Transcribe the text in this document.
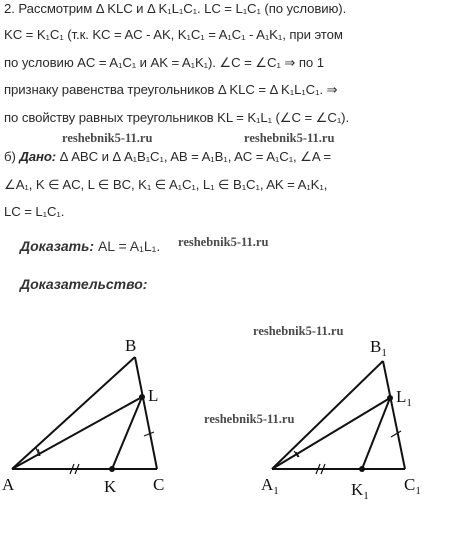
2. Рассмотрим Δ KLC и Δ K₁L₁C₁. LC = L₁C₁ (по условию).
KC = K₁C₁ (т.к. KC = AC - AK, K₁C₁ = A₁C₁ - A₁K₁, при этом
по условию AC = A₁C₁ и AK = A₁K₁). ∠C = ∠C₁ ⇒ по 1
признаку равенства треугольников Δ KLC = Δ K₁L₁C₁. ⇒
по свойству равных треугольников KL = K₁L₁ (∠C = ∠C₁).
reshebnik5-11.ru	reshebnik5-11.ru
б) Дано: Δ ABC и Δ A₁B₁C₁, AB = A₁B₁, AC = A₁C₁, ∠A =
∠A₁, K ∈ AC, L ∈ BC, K₁ ∈ A₁C₁, L₁ ∈ B₁C₁, AK = A₁K₁,
LC = L₁C₁.
Доказать: AL = A₁L₁. reshebnik5-11.ru
Доказательство:
reshebnik5-11.ru
reshebnik5-11.ru
A
B
C
K
L
$A_1$
$B_1$
$C_1$
$K_1$
$L_1$
